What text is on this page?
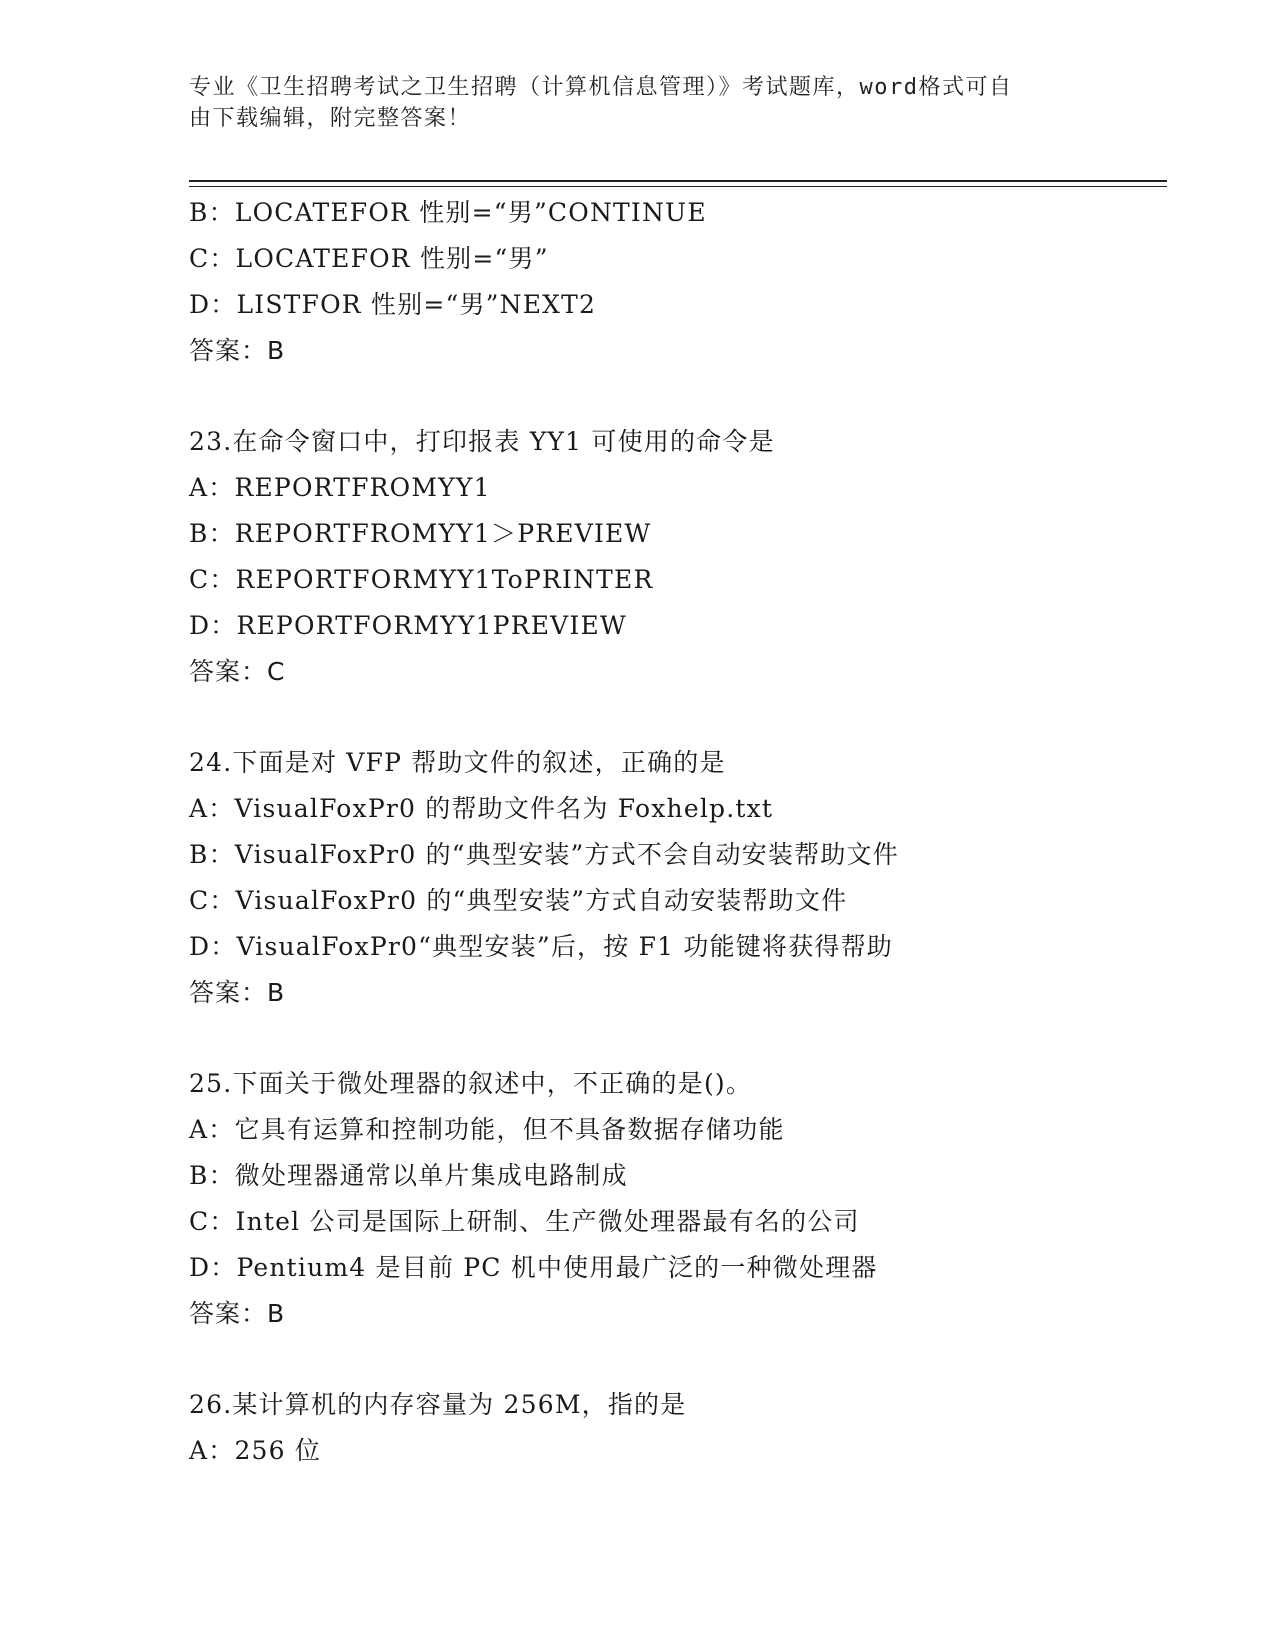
专业《卫生招聘考试之卫生招聘（计算机信息管理）》考试题库，word格式可自
由下载编辑，附完整答案！
B：LOCATEFOR 性别=“男”CONTINUE
C：LOCATEFOR 性别=“男”
D：LISTFOR 性别=“男”NEXT2
答案：B
23.在命令窗口中，打印报表 YY1 可使用的命令是
A：REPORTFROMYY1
B：REPORTFROMYY1＞PREVIEW
C：REPORTFORMYY1ToPRINTER
D：REPORTFORMYY1PREVIEW
答案：C
24.下面是对 VFP 帮助文件的叙述，正确的是
A：VisualFoxPr0 的帮助文件名为 Foxhelp.txt
B：VisualFoxPr0 的“典型安装”方式不会自动安装帮助文件
C：VisualFoxPr0 的“典型安装”方式自动安装帮助文件
D：VisualFoxPr0“典型安装”后，按 F1 功能键将获得帮助
答案：B
25.下面关于微处理器的叙述中，不正确的是()。
A：它具有运算和控制功能，但不具备数据存储功能
B：微处理器通常以单片集成电路制成
C：Intel 公司是国际上研制、生产微处理器最有名的公司
D：Pentium4 是目前 PC 机中使用最广泛的一种微处理器
答案：B
26.某计算机的内存容量为 256M，指的是
A：256 位
